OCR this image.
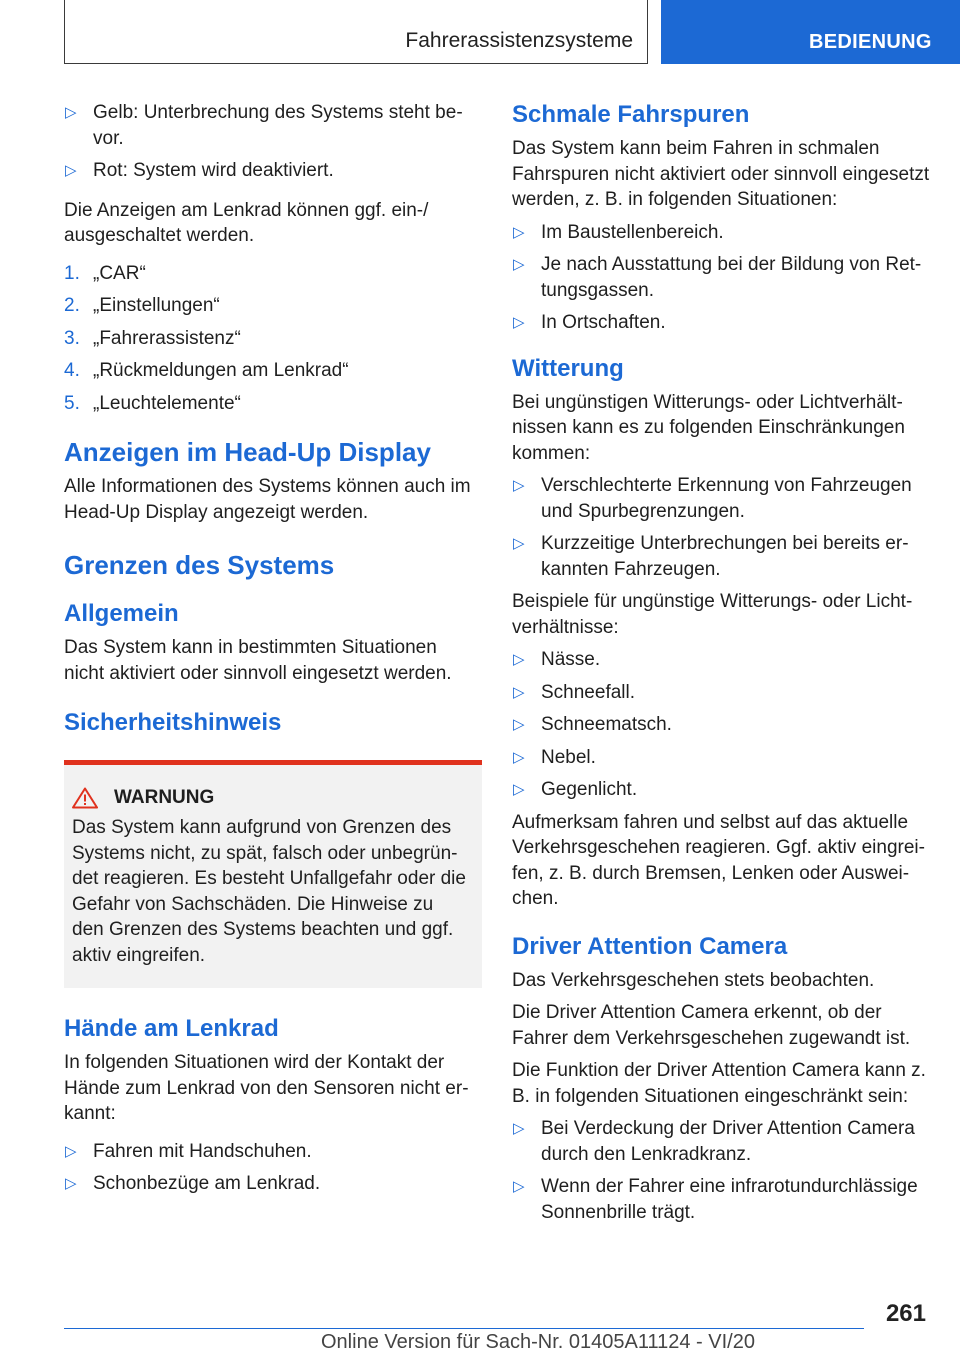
Fahrerassistenzsysteme	BEDIENUNG
▷ Gelb: Unterbrechung des Systems steht bevor.
▷ Rot: System wird deaktiviert.

Die Anzeigen am Lenkrad können ggf. ein-/ ausgeschaltet werden.

1. „CAR“
2. „Einstellungen“
3. „Fahrerassistenz“
4. „Rückmeldungen am Lenkrad“
5. „Leuchtelemente“
Anzeigen im Head-Up Display

Alle Informationen des Systems können auch im Head-Up Display angezeigt werden.

Grenzen des Systems
Allgemein

Das System kann in bestimmten Situationen nicht aktiviert oder sinnvoll eingesetzt werden.

Sicherheitshinweis
WARNUNG
Das System kann aufgrund von Grenzen des Systems nicht, zu spät, falsch oder unbegründet reagieren. Es besteht Unfallgefahr oder die Gefahr von Sachschäden. Die Hinweise zu den Grenzen des Systems beachten und ggf. aktiv eingreifen.
Hände am Lenkrad

In folgenden Situationen wird der Kontakt der Hände zum Lenkrad von den Sensoren nicht erkannt:

▷ Fahren mit Handschuhen.
▷ Schonbezüge am Lenkrad.
Schmale Fahrspuren

Das System kann beim Fahren in schmalen Fahrspuren nicht aktiviert oder sinnvoll eingesetzt werden, z. B. in folgenden Situationen:

▷ Im Baustellenbereich.
▷ Je nach Ausstattung bei der Bildung von Rettungsgassen.
▷ In Ortschaften.
Witterung

Bei ungünstigen Witterungs- oder Lichtverhältnissen kann es zu folgenden Einschränkungen kommen:

▷ Verschlechterte Erkennung von Fahrzeugen und Spurbegrenzungen.
▷ Kurzzeitige Unterbrechungen bei bereits erkannten Fahrzeugen.

Beispiele für ungünstige Witterungs- oder Lichtverhältnisse:

▷ Nässe.
▷ Schneefall.
▷ Schneematsch.
▷ Nebel.
▷ Gegenlicht.

Aufmerksam fahren und selbst auf das aktuelle Verkehrsgeschehen reagieren. Ggf. aktiv eingreifen, z. B. durch Bremsen, Lenken oder Ausweichen.

Driver Attention Camera

Das Verkehrsgeschehen stets beobachten.

Die Driver Attention Camera erkennt, ob der Fahrer dem Verkehrsgeschehen zugewandt ist.

Die Funktion der Driver Attention Camera kann z. B. in folgenden Situationen eingeschränkt sein:

▷ Bei Verdeckung der Driver Attention Camera durch den Lenkradkranz.
▷ Wenn der Fahrer eine infrarotundurchlässige Sonnenbrille trägt.
261
Online Version für Sach-Nr. 01405A11124 - VI/20
